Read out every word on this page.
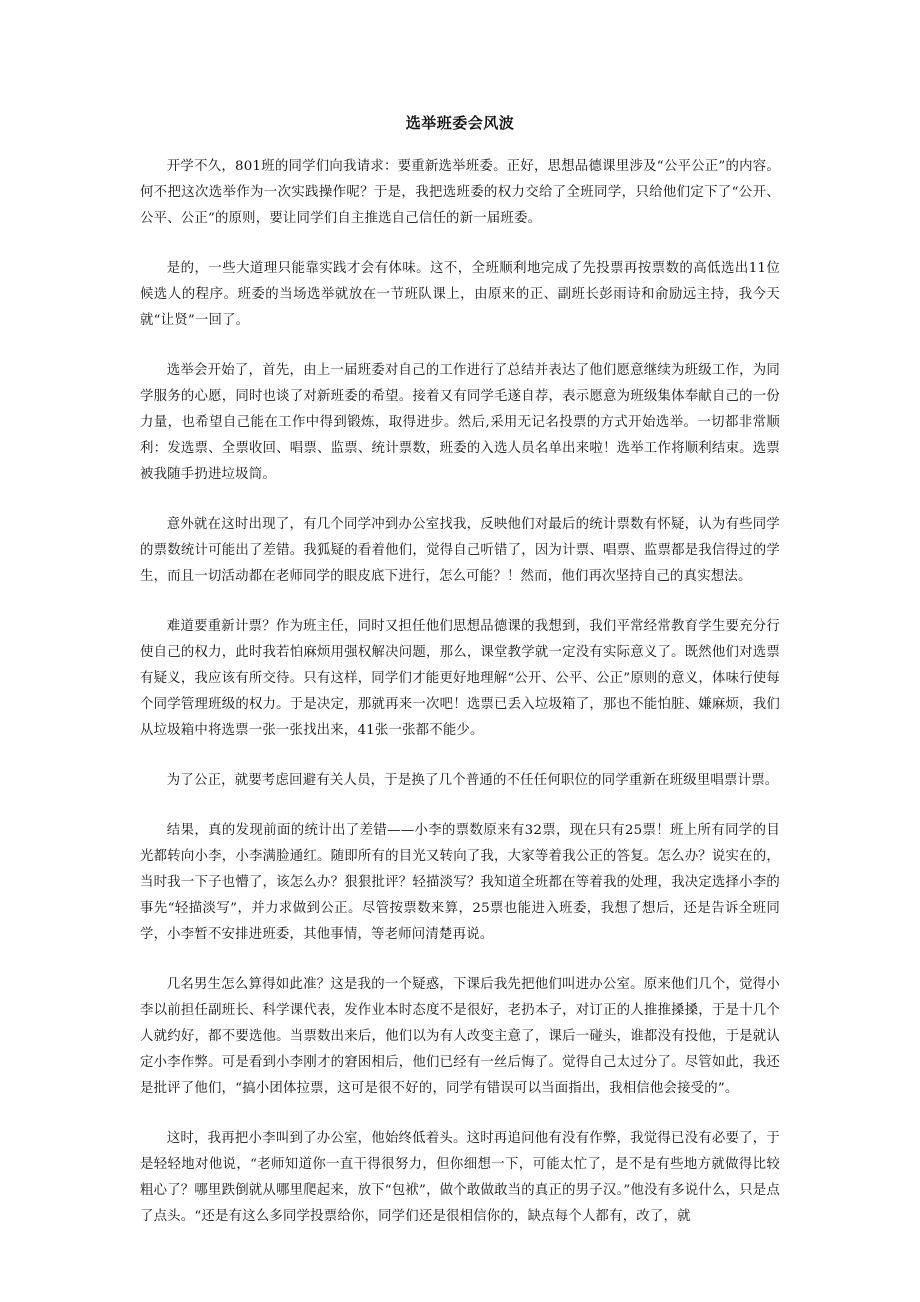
选举班委会风波

开学不久，801班的同学们向我请求：要重新选举班委。正好，思想品德课里涉及“公平公正”的内容。何不把这次选举作为一次实践操作呢？于是，我把选班委的权力交给了全班同学，只给他们定下了“公开、公平、公正”的原则，要让同学们自主推选自己信任的新一届班委。

是的，一些大道理只能靠实践才会有体味。这不，全班顺利地完成了先投票再按票数的高低选出11位候选人的程序。班委的当场选举就放在一节班队课上，由原来的正、副班长彭雨诗和俞励远主持，我今天就“让贤”一回了。

选举会开始了，首先，由上一届班委对自己的工作进行了总结并表达了他们愿意继续为班级工作，为同学服务的心愿，同时也谈了对新班委的希望。接着又有同学毛遂自荐，表示愿意为班级集体奉献自己的一份力量，也希望自己能在工作中得到锻炼，取得进步。然后,采用无记名投票的方式开始选举。一切都非常顺利：发选票、全票收回、唱票、监票、统计票数，班委的入选人员名单出来啦！选举工作将顺利结束。选票被我随手扔进垃圾筒。

意外就在这时出现了，有几个同学冲到办公室找我，反映他们对最后的统计票数有怀疑，认为有些同学的票数统计可能出了差错。我狐疑的看着他们，觉得自己听错了，因为计票、唱票、监票都是我信得过的学生，而且一切活动都在老师同学的眼皮底下进行，怎么可能？！然而，他们再次坚持自己的真实想法。

难道要重新计票？作为班主任，同时又担任他们思想品德课的我想到，我们平常经常教育学生要充分行使自己的权力，此时我若怕麻烦用强权解决问题，那么，课堂教学就一定没有实际意义了。既然他们对选票有疑义，我应该有所交待。只有这样，同学们才能更好地理解“公开、公平、公正”原则的意义，体味行使每个同学管理班级的权力。于是决定，那就再来一次吧！选票已丢入垃圾箱了，那也不能怕脏、嫌麻烦，我们从垃圾箱中将选票一张一张找出来，41张一张都不能少。

为了公正，就要考虑回避有关人员，于是换了几个普通的不任任何职位的同学重新在班级里唱票计票。

结果，真的发现前面的统计出了差错——小李的票数原来有32票，现在只有25票！班上所有同学的目光都转向小李，小李满脸通红。随即所有的目光又转向了我，大家等着我公正的答复。怎么办？说实在的，当时我一下子也懵了，该怎么办？狠狠批评？轻描淡写？我知道全班都在等着我的处理，我决定选择小李的事先“轻描淡写”，并力求做到公正。尽管按票数来算，25票也能进入班委，我想了想后，还是告诉全班同学，小李暂不安排进班委，其他事情，等老师问清楚再说。

几名男生怎么算得如此准？这是我的一个疑惑，下课后我先把他们叫进办公室。原来他们几个，觉得小李以前担任副班长、科学课代表，发作业本时态度不是很好，老扔本子，对订正的人推推搡搡，于是十几个人就约好，都不要选他。当票数出来后，他们以为有人改变主意了，课后一碰头，谁都没有投他，于是就认定小李作弊。可是看到小李刚才的窘困相后，他们已经有一丝后悔了。觉得自己太过分了。尽管如此，我还是批评了他们，“搞小团体拉票，这可是很不好的，同学有错误可以当面指出，我相信他会接受的”。

这时，我再把小李叫到了办公室，他始终低着头。这时再追问他有没有作弊，我觉得已没有必要了，于是轻轻地对他说，“老师知道你一直干得很努力，但你细想一下，可能太忙了，是不是有些地方就做得比较粗心了？哪里跌倒就从哪里爬起来，放下“包袱”，做个敢做敢当的真正的男子汉。”他没有多说什么，只是点了点头。“还是有这么多同学投票给你，同学们还是很相信你的，缺点每个人都有，改了，就
